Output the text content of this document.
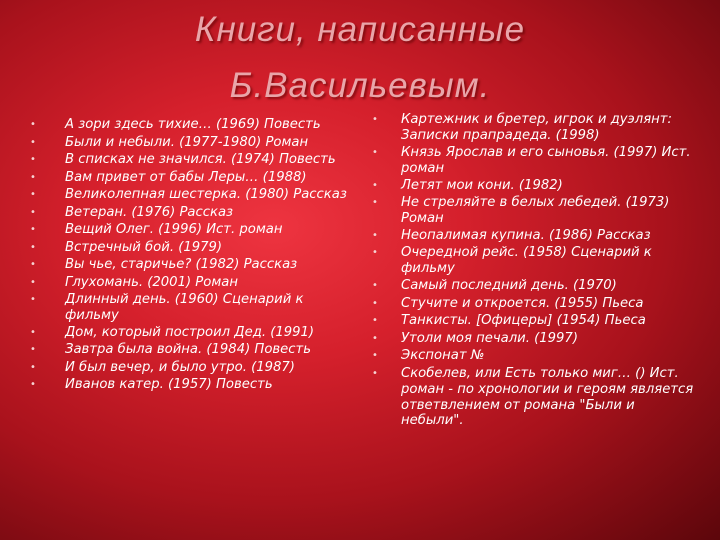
Книги, написанные Б.Васильевым.
•	А зори здесь тихие… (1969) Повесть
•	Были и небыли. (1977-1980) Роман
•	В списках не значился. (1974) Повесть
•	Вам привет от бабы Леры… (1988)
•	Великолепная шестерка. (1980) Рассказ
•	Ветеран. (1976) Рассказ
•	Вещий Олег. (1996) Ист. роман
•	Встречный бой. (1979)
•	Вы чье, старичье? (1982) Рассказ
•	Глухомань. (2001) Роман
•	Длинный день. (1960) Сценарий к фильму
•	Дом, который построил Дед. (1991)
•	Завтра была война. (1984) Повесть
•	И был вечер, и было утро. (1987)
•	Иванов катер. (1957) Повесть
•	Картежник и бретер, игрок и дуэлянт: Записки прапрадеда. (1998)
•	Князь Ярослав и его сыновья. (1997) Ист. роман
•	Летят мои кони. (1982)
•	Не стреляйте в белых лебедей. (1973) Роман
•	Неопалимая купина. (1986) Рассказ
•	Очередной рейс. (1958) Сценарий к фильму
•	Самый последний день. (1970)
•	Стучите и откроется. (1955) Пьеса
•	Танкисты. [Офицеры] (1954) Пьеса
•	Утоли моя печали. (1997)
•	Экспонат №
•	Скобелев, или Есть только миг… () Ист. роман - по хронологии и героям является ответвлением от романа "Были и небыли".
